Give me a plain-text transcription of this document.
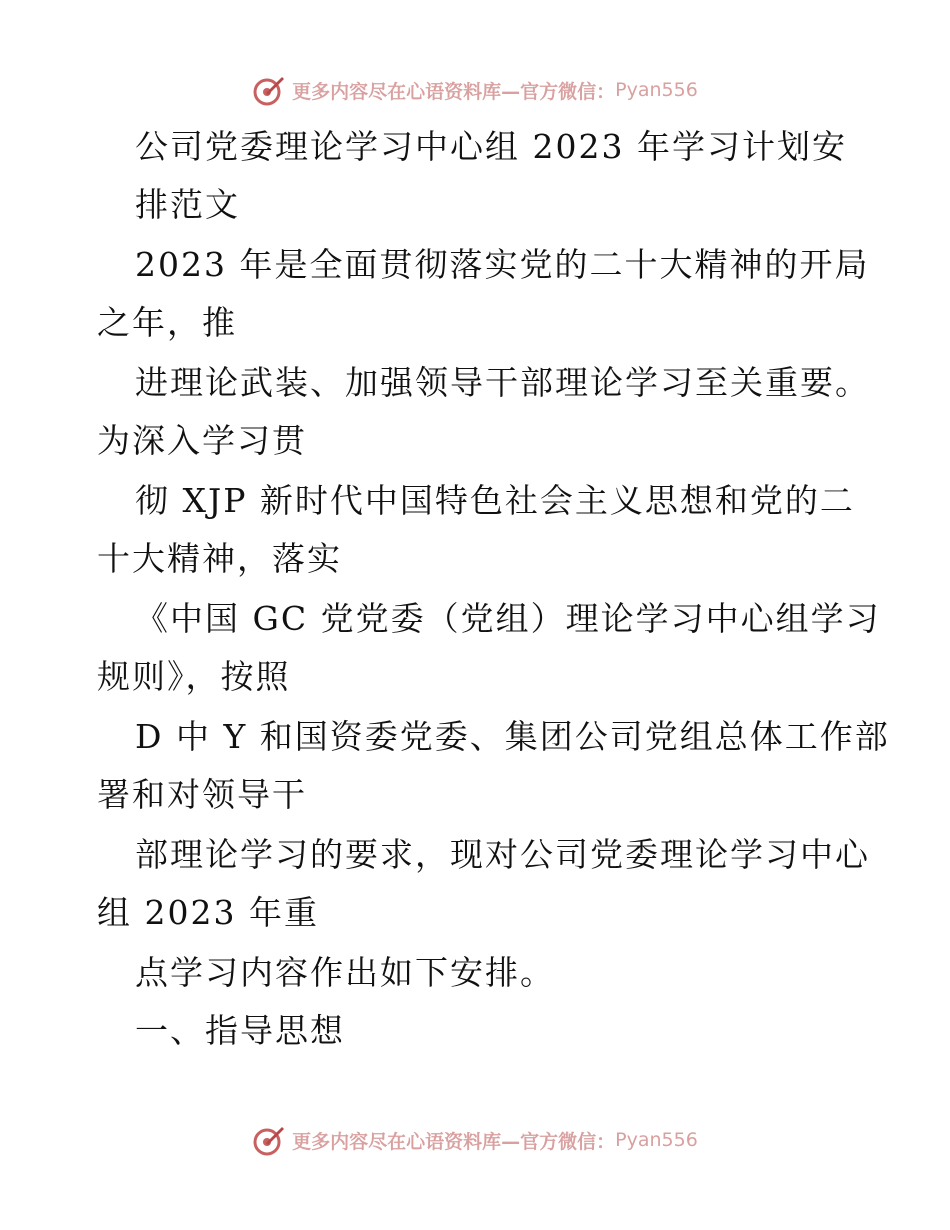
更多内容尽在心语资料库—官方微信： Pyan556
公司党委理论学习中心组 2023 年学习计划安
排范文
2023 年是全面贯彻落实党的二十大精神的开局
之年，推
进理论武装、加强领导干部理论学习至关重要。
为深入学习贯
彻 XJP 新时代中国特色社会主义思想和党的二
十大精神，落实
《中国 GC 党党委（党组）理论学习中心组学习
规则》，按照
D 中 Y 和国资委党委、集团公司党组总体工作部
署和对领导干
部理论学习的要求，现对公司党委理论学习中心
组 2023 年重
点学习内容作出如下安排。
一、指导思想
更多内容尽在心语资料库—官方微信： Pyan556
